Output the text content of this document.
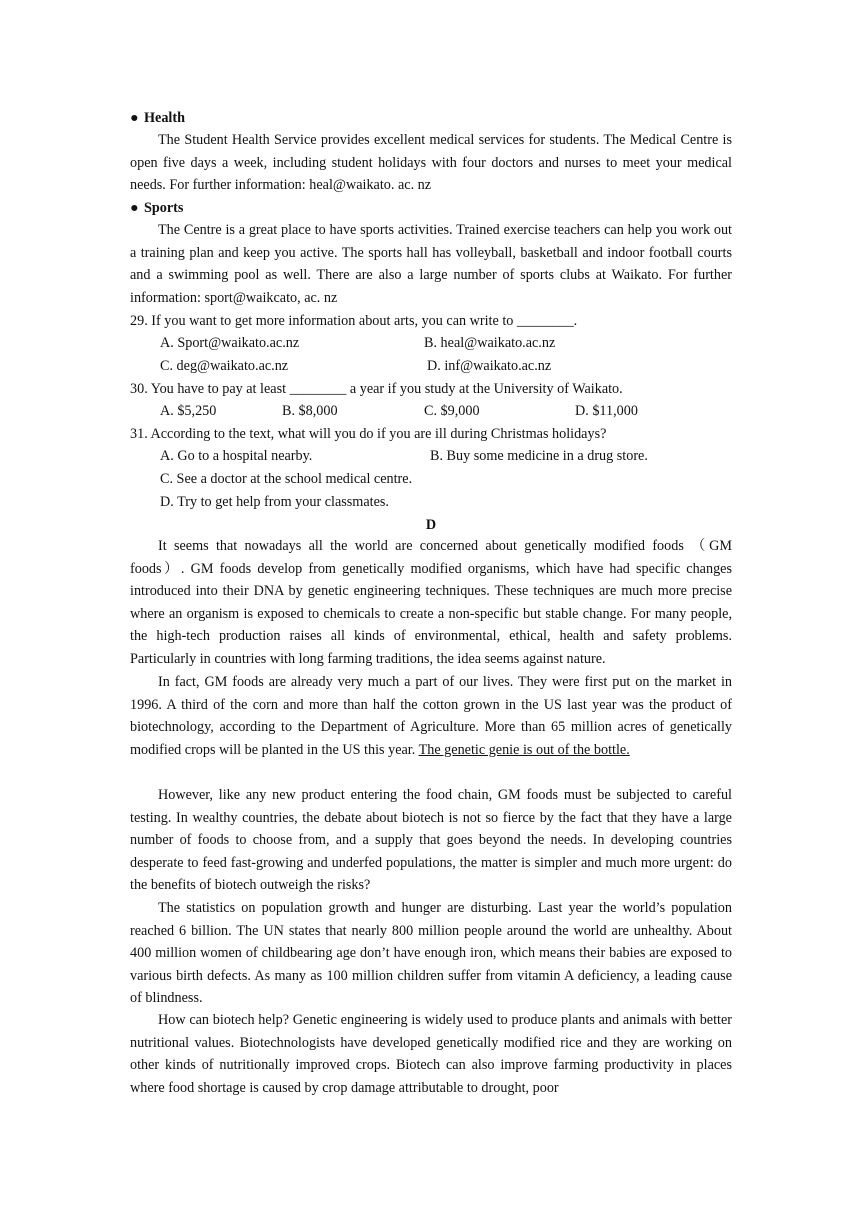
● Health

The Student Health Service provides excellent medical services for students. The Medical Centre is open five days a week, including student holidays with four doctors and nurses to meet your medical needs. For further information: heal@waikato. ac. nz

● Sports

The Centre is a great place to have sports activities. Trained exercise teachers can help you work out a training plan and keep you active. The sports hall has volleyball, basketball and indoor football courts and a swimming pool as well. There are also a large number of sports clubs at Waikato. For further information: sport@waikcato, ac. nz

29. If you want to get more information about arts, you can write to ________.
A. Sport@waikato.ac.nz	B. heal@waikato.ac.nz
C. deg@waikato.ac.nz	D. inf@waikato.ac.nz
30. You have to pay at least ________ a year if you study at the University of Waikato.
A. $5,250	B. $8,000	C. $9,000	D. $11,000
31. According to the text, what will you do if you are ill during Christmas holidays?
A. Go to a hospital nearby.	B. Buy some medicine in a drug store.
C. See a doctor at the school medical centre.
D. Try to get help from your classmates.
D

It seems that nowadays all the world are concerned about genetically modified foods （GM foods）. GM foods develop from genetically modified organisms, which have had specific changes introduced into their DNA by genetic engineering techniques. These techniques are much more precise where an organism is exposed to chemicals to create a non-specific but stable change. For many people, the high-tech production raises all kinds of environmental, ethical, health and safety problems. Particularly in countries with long farming traditions, the idea seems against nature.

In fact, GM foods are already very much a part of our lives. They were first put on the market in 1996. A third of the corn and more than half the cotton grown in the US last year was the product of biotechnology, according to the Department of Agriculture. More than 65 million acres of genetically modified crops will be planted in the US this year. The genetic genie is out of the bottle.

However, like any new product entering the food chain, GM foods must be subjected to careful testing. In wealthy countries, the debate about biotech is not so fierce by the fact that they have a large number of foods to choose from, and a supply that goes beyond the needs. In developing countries desperate to feed fast-growing and underfed populations, the matter is simpler and much more urgent: do the benefits of biotech outweigh the risks?

The statistics on population growth and hunger are disturbing. Last year the world’s population reached 6 billion. The UN states that nearly 800 million people around the world are unhealthy. About 400 million women of childbearing age don’t have enough iron, which means their babies are exposed to various birth defects. As many as 100 million children suffer from vitamin A deficiency, a leading cause of blindness.

How can biotech help? Genetic engineering is widely used to produce plants and animals with better nutritional values. Biotechnologists have developed genetically modified rice and they are working on other kinds of nutritionally improved crops. Biotech can also improve farming productivity in places where food shortage is caused by crop damage attributable to drought, poor
